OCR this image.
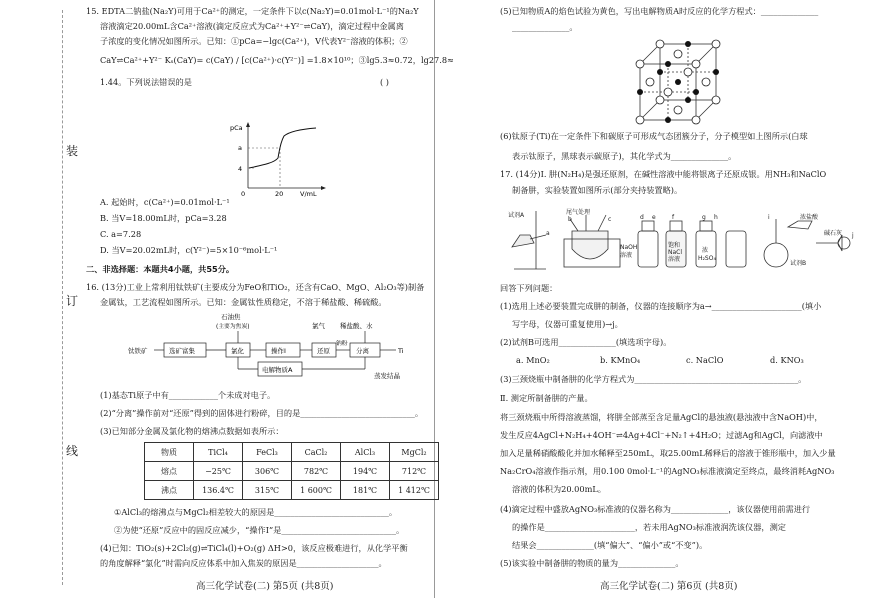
装
订
线
15. EDTA二钠盐(Na₂Y)可用于Ca²⁺的测定，一定条件下以c(Na₂Y)=0.01mol·L⁻¹的Na₂Y
溶液滴定20.00mL含Ca²⁺溶液(滴定反应式为Ca²⁺+Y²⁻⇌CaY)，滴定过程中金属离
子浓度的变化情况如图所示。已知：①pCa=−lgc(Ca²⁺)，V代表Y²⁻溶液的体积；②
CaY⇌Ca²⁺+Y²⁻ Kₛ(CaY)= c(CaY) / [c(Ca²⁺)·c(Y²⁻)] =1.8×10¹⁰；③lg5.3≈0.72，lg27.8≈
1.44。下列说法错误的是	( )
pCa
a
4
0	20	V/mL
A. 起始时，c(Ca²⁺)=0.01mol·L⁻¹
B. 当V=18.00mL时，pCa=3.28
C. a=7.28
D. 当V=20.02mL时，c(Y²⁻)=5×10⁻⁶mol·L⁻¹
二、非选择题：本题共4小题，共55分。
16. (13分)工业上常利用钛铁矿(主要成分为FeO和TiO₂，还含有CaO、MgO、Al₂O₃等)制备
金属钛，工艺流程如图所示。已知：金属钛性质稳定，不溶于稀盐酸、稀硫酸。
钛铁矿	选矿富集	氯化
石油焦
(主要为焦炭)
操作Ⅰ
氯气
还原
钠粉
稀盐酸、水
分离	Ti
电解物质A
蒸发结晶
(1)基态Ti原子中有____________个未成对电子。
(2)“分离”操作前对“还原”得到的固体进行粉碎，目的是____________________________。
(3)已知部分金属及氯化物的熔沸点数据如表所示：
物质	TiCl₄	FeCl₃	CaCl₂	AlCl₃	MgCl₂
熔点	−25℃	306℃	782℃	194℃	712℃
沸点	136.4℃	315℃	1 600℃	181℃	1 412℃
①AlCl₃的熔沸点与MgCl₂相差较大的原因是____________________________。
②为使“还原”反应中的固反应减少，“操作Ⅰ”是____________________________。
(4)已知：TiO₂(s)+2Cl₂(g)⇌TiCl₄(l)+O₂(g) ΔH>0，该反应极难进行，从化学平衡
的角度解释“氯化”时需向反应体系中加入焦炭的原因是____________________。
高三化学试卷(二) 第5页 (共8页)
(5)已知物质A的焰色试验为黄色，写出电解物质A时反应的化学方程式：______________
______________。
(6)钛原子(Ti)在一定条件下和碳原子可形成气态团簇分子，分子模型如上图所示(白球
表示钛原子，黑球表示碳原子)，其化学式为______________。
17. (14分)Ⅰ. 肼(N₂H₄)是强还原剂，在碱性溶液中能将银离子还原成银。用NH₃和NaClO
制备肼，实验装置如图所示(部分夹持装置略)。
试剂A	尾气处理
NaOH
溶液
饱和
NaCl
溶液
浓
H₂SO₄
试剂B
浓盐酸
碱石灰
a
b	c	d e	f	g h	i
j
回答下列问题：
(1)选用上述必要装置完成肼的制备，仪器的连接顺序为a→______________________(填小
写字母，仪器可重复使用)→j。
(2)试剂B可选用______________(填选项字母)。
a. MnO₂	b. KMnO₄	c. NaClO	d. KNO₃
(3)三颈烧瓶中制备肼的化学方程式为________________________________________。
Ⅱ. 测定所制备肼的产量。
将三颈烧瓶中所得溶液蒸馏，将肼全部蒸至含足量AgCl的悬浊液(悬浊液中含NaOH)中，
发生反应4AgCl+N₂H₄+4OH⁻⇌4Ag+4Cl⁻+N₂↑+4H₂O；过滤Ag和AgCl，向滤液中
加入足量稀硝酸酸化并加水稀释至250mL，取25.00mL稀释后的溶液于锥形瓶中，加入少量
Na₂CrO₄溶液作指示剂，用0.100 0mol·L⁻¹的AgNO₃标准液滴定至终点，最终消耗AgNO₃
溶液的体积为20.00mL。
(4)滴定过程中盛放AgNO₃标准液的仪器名称为______________，该仪器使用前需进行
的操作是______________________，若未用AgNO₃标准液润洗该仪器，测定
结果会______________(填“偏大”、“偏小”或“不变”)。
(5)该实验中制备肼的物质的量为______________。
高三化学试卷(二) 第6页 (共8页)
